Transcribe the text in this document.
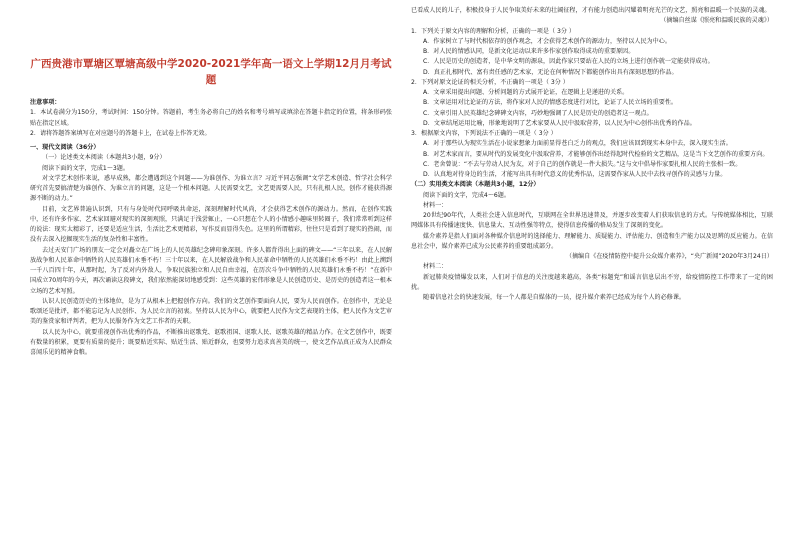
广西贵港市覃塘区覃塘高级中学2020-2021学年高一语文上学期12月月考试题

注意事项：

1．本试卷满分为150分，考试时间：150分钟。答题前，考生务必将自己的姓名和考号填写或填涂在答题卡指定的位置，将条形码张贴在指定区域。

2．请将答题答案填写在对应题号的答题卡上，在试卷上作答无效。

一、现代文阅读（36分）

（一）论述类文本阅读（本题共3小题，9分）

阅读下面的文字，完成1～3题。

对文学艺术创作来说，惑早成熟，都会遭遇到这个问题——为谁创作、为谁立言？习近平同志强调“文学艺术创造、哲学社会科学研究首先要搞清楚为谁创作、为谁立言的问题，这是一个根本问题。人民需要文艺，文艺更需要人民，只有扎根人民，创作才能获得源源不断的动力。”

目前，文艺界普遍认识到，只有与身处时代同呼吸共命运，深刻理解时代风尚，才会获得艺术创作的源动力。然而，在创作实践中，还有许多作家、艺术家回避对现实的深刻观照，只满足于浅尝辄止，一心只想在个人的小情感小趣味里转圈子，我们常常听到这样的说法：现实太精彩了，还要是适应生活，生活比艺术更精彩，写作反而显得失色。这里的所谓精彩，往往只是看到了现实的热闹，而没有去深入挖掘现实生活的复杂性和丰富性。

去过天安门广场的朋友一定会对矗立在广场上的人民英雄纪念碑印象深刻。许多人都背得出上面的碑文——“三年以来，在人民解放战争和人民革命中牺牲的人民英雄们永垂不朽！三十年以来，在人民解放战争和人民革命中牺牲的人民英雄们永垂不朽！由此上溯到一千八百四十年，从那时起，为了反对内外敌人，争取民族独立和人民自由幸福，在历次斗争中牺牲的人民英雄们永垂不朽！”在新中国成立70周年的今天，再次诵读这段碑文，我们依然能深切地感受到：这些英雄的宏伟形象是人民创造历史、是历史的创造者这一根本立场的艺术写照。

认识人民创造历史的主体地位，是为了从根本上把握创作方向。我们的文艺创作要面向人民，要为人民而创作。在创作中，无论是歌颂还是批评，都不能忘记为人民创作、为人民立言的初衷。坚持以人民为中心，就要把人民作为文艺表现的主体，把人民作为文艺审美的鉴赏家和评判者，把为人民服务作为文艺工作者的天职。

以人民为中心，就要重视创作出优秀的作品，不断推出讴歌党、讴歌祖国、讴歌人民、讴歌英雄的精品力作。在文艺创作中，既要有数量的积累，更要有质量的提升；既要贴近实际、贴近生活、贴近群众，也要努力追求真善美的统一，使文艺作品真正成为人民群众喜闻乐见的精神食粮。

已看成人民的儿子，积极投身于人民争取美好未来的壮阔征程，才有能力创造出闪耀着明亮光芒的文艺，照亮和温暖一个民族的灵魂。

（摘编自丝谋《照亮和温暖民族的灵魂》）

1．下列关于原文内容的理解和分析，正确的一项是（ 3分 ）

A．作家树立了与时代相依存的创作观念，才会获得艺术创作的源动力，坚持以人民为中心。

B．对人民的情感认同，是新文化运动以来许多作家创作取得成功的重要原因。

C．人民是历史的创造者，是中华文明的源泉，因此作家只要站在人民的立场上进行创作就一定能获得成功。

D．真正扎根时代、富有责任感的艺术家，无论在何种情况下都能创作出具有深刻思想的作品。

2．下列对原文论证的相关分析，不正确的一项是（ 3分 ）

A．文章采用提出问题、分析问题的方式展开论证，在逻辑上是递进的关系。

B．文章运用对比论证的方法，将作家对人民的情感态度进行对比，论证了人民立场的重要性。

C．文章引用人民英雄纪念碑碑文内容，巧妙地强调了人民是历史的创造者这一观点。

D．文章结尾运用比喻，形象地说明了艺术家要从人民中汲取营养，以人民为中心创作出优秀的作品。

3．根据原文内容，下列说法不正确的一项是（ 3分 ）

A．对于那些认为现实生活在小说家想象力面前显得苍白乏力的观点，我们应该回到现实本身中去，深入现实生活。

B．对艺术家而言，要从时代的发展变化中汲取营养，才能够创作出经得起时代检验的文艺精品，这是当下文艺创作的重要方向。

C．老舍曾说：“不去与劳动人民为友，对于自己的创作就是一件大损失。”这与文中倡导作家要扎根人民的主张相一致。

D．认真地对待身边的生活，才能写出具有时代意义的优秀作品，这需要作家从人民中去找寻创作的灵感与力量。

（二）实用类文本阅读（本题共3小题，12分）

阅读下面的文字，完成4～6题。

材料一：

20世纪90年代，人类社会进入信息时代，互联网在全世界迅速普及，并逐步改变着人们获取信息的方式。与传统媒体相比，互联网媒体具有传播速度快、信息量大、互动性强等特点，使得信息传播的格局发生了深刻的变化。

媒介素养是指人们面对各种媒介信息时的选择能力、理解能力、质疑能力、评估能力、创造和生产能力以及思辨的反应能力。在信息社会中，媒介素养已成为公民素养的重要组成部分。

（摘编自《在疫情防控中提升公众媒介素养》，“央广新闻”2020年3月24日）

材料二：

新冠肺炎疫情爆发以来，人们对于信息的关注度越来越高，各类“标题党”和谣言信息层出不穷，给疫情防控工作带来了一定的困扰。

随着信息社会的快速发展，每一个人都是自媒体的一员，提升媒介素养已经成为每个人的必修课。
